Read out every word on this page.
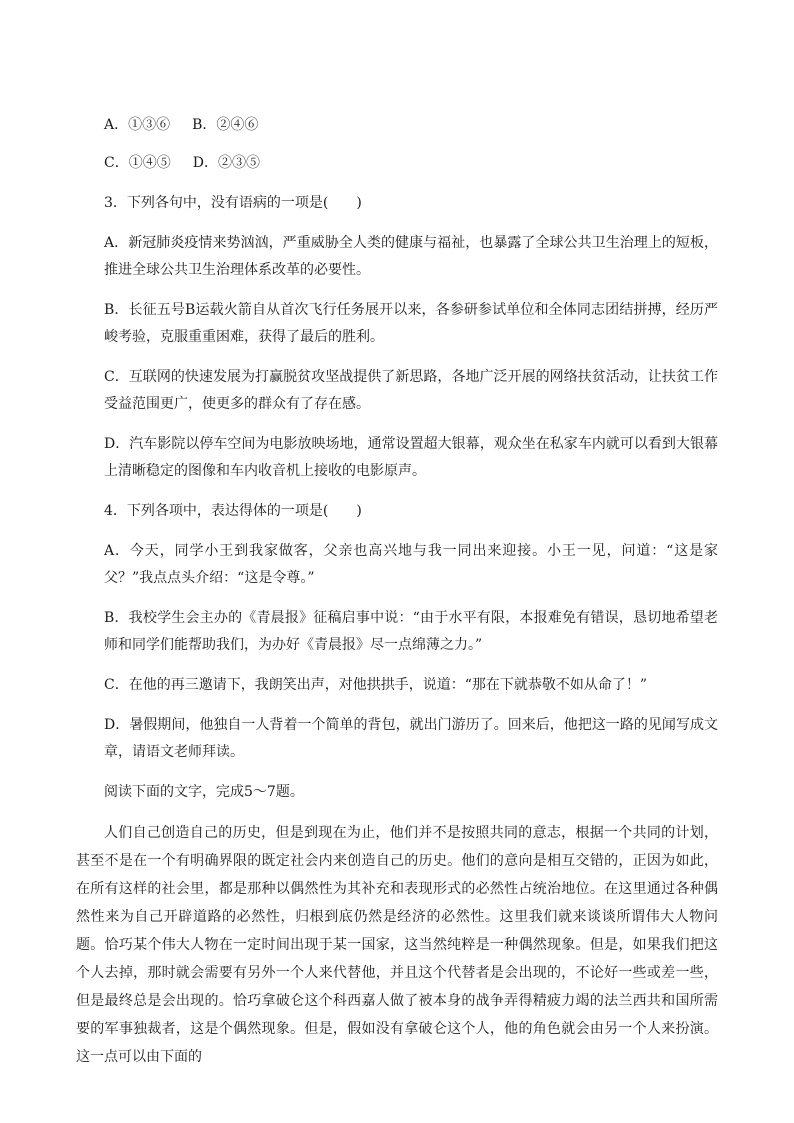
A．①③⑥ B．②④⑥

C．①④⑤ D．②③⑤

3．下列各句中，没有语病的一项是(　　)

A．新冠肺炎疫情来势汹汹，严重威胁全人类的健康与福祉，也暴露了全球公共卫生治理上的短板，推进全球公共卫生治理体系改革的必要性。

B．长征五号B运载火箭自从首次飞行任务展开以来，各参研参试单位和全体同志团结拼搏，经历严峻考验，克服重重困难，获得了最后的胜利。

C．互联网的快速发展为打赢脱贫攻坚战提供了新思路，各地广泛开展的网络扶贫活动，让扶贫工作受益范围更广，使更多的群众有了存在感。

D．汽车影院以停车空间为电影放映场地，通常设置超大银幕，观众坐在私家车内就可以看到大银幕上清晰稳定的图像和车内收音机上接收的电影原声。

4．下列各项中，表达得体的一项是(　　)

A．今天，同学小王到我家做客，父亲也高兴地与我一同出来迎接。小王一见，问道：“这是家父？”我点点头介绍：“这是令尊。”

B．我校学生会主办的《青晨报》征稿启事中说：“由于水平有限，本报难免有错误，恳切地希望老师和同学们能帮助我们，为办好《青晨报》尽一点绵薄之力。”

C．在他的再三邀请下，我朗笑出声，对他拱拱手，说道：“那在下就恭敬不如从命了！”

D．暑假期间，他独自一人背着一个简单的背包，就出门游历了。回来后，他把这一路的见闻写成文章，请语文老师拜读。

阅读下面的文字，完成5～7题。

人们自己创造自己的历史，但是到现在为止，他们并不是按照共同的意志，根据一个共同的计划，甚至不是在一个有明确界限的既定社会内来创造自己的历史。他们的意向是相互交错的，正因为如此，在所有这样的社会里，都是那种以偶然性为其补充和表现形式的必然性占统治地位。在这里通过各种偶然性来为自己开辟道路的必然性，归根到底仍然是经济的必然性。这里我们就来谈谈所谓伟大人物问题。恰巧某个伟大人物在一定时间出现于某一国家，这当然纯粹是一种偶然现象。但是，如果我们把这个人去掉，那时就会需要有另外一个人来代替他，并且这个代替者是会出现的，不论好一些或差一些，但是最终总是会出现的。恰巧拿破仑这个科西嘉人做了被本身的战争弄得精疲力竭的法兰西共和国所需要的军事独裁者，这是个偶然现象。但是，假如没有拿破仑这个人，他的角色就会由另一个人来扮演。这一点可以由下面的
